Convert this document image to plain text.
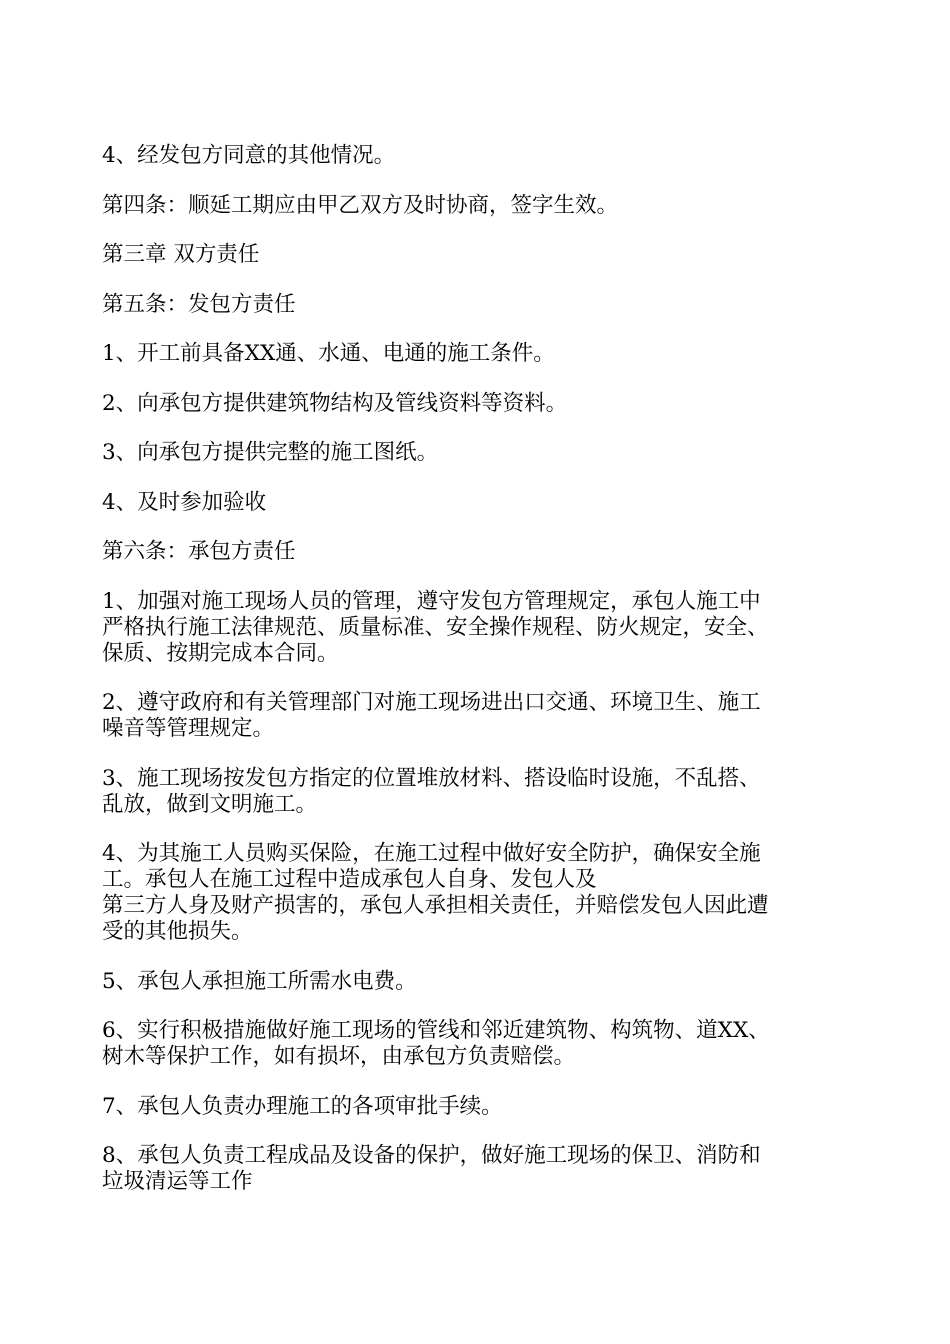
4、经发包方同意的其他情况。

第四条：顺延工期应由甲乙双方及时协商，签字生效。

第三章 双方责任

第五条：发包方责任

1、开工前具备XX通、水通、电通的施工条件。

2、向承包方提供建筑物结构及管线资料等资料。

3、向承包方提供完整的施工图纸。

4、及时参加验收

第六条：承包方责任

1、加强对施工现场人员的管理，遵守发包方管理规定，承包人施工中
严格执行施工法律规范、质量标准、安全操作规程、防火规定，安全、
保质、按期完成本合同。

2、遵守政府和有关管理部门对施工现场进出口交通、环境卫生、施工
噪音等管理规定。

3、施工现场按发包方指定的位置堆放材料、搭设临时设施，不乱搭、
乱放，做到文明施工。

4、为其施工人员购买保险，在施工过程中做好安全防护，确保安全施
工。承包人在施工过程中造成承包人自身、发包人及
第三方人身及财产损害的，承包人承担相关责任，并赔偿发包人因此遭
受的其他损失。

5、承包人承担施工所需水电费。

6、实行积极措施做好施工现场的管线和邻近建筑物、构筑物、道XX、
树木等保护工作，如有损坏，由承包方负责赔偿。

7、承包人负责办理施工的各项审批手续。

8、承包人负责工程成品及设备的保护，做好施工现场的保卫、消防和
垃圾清运等工作
